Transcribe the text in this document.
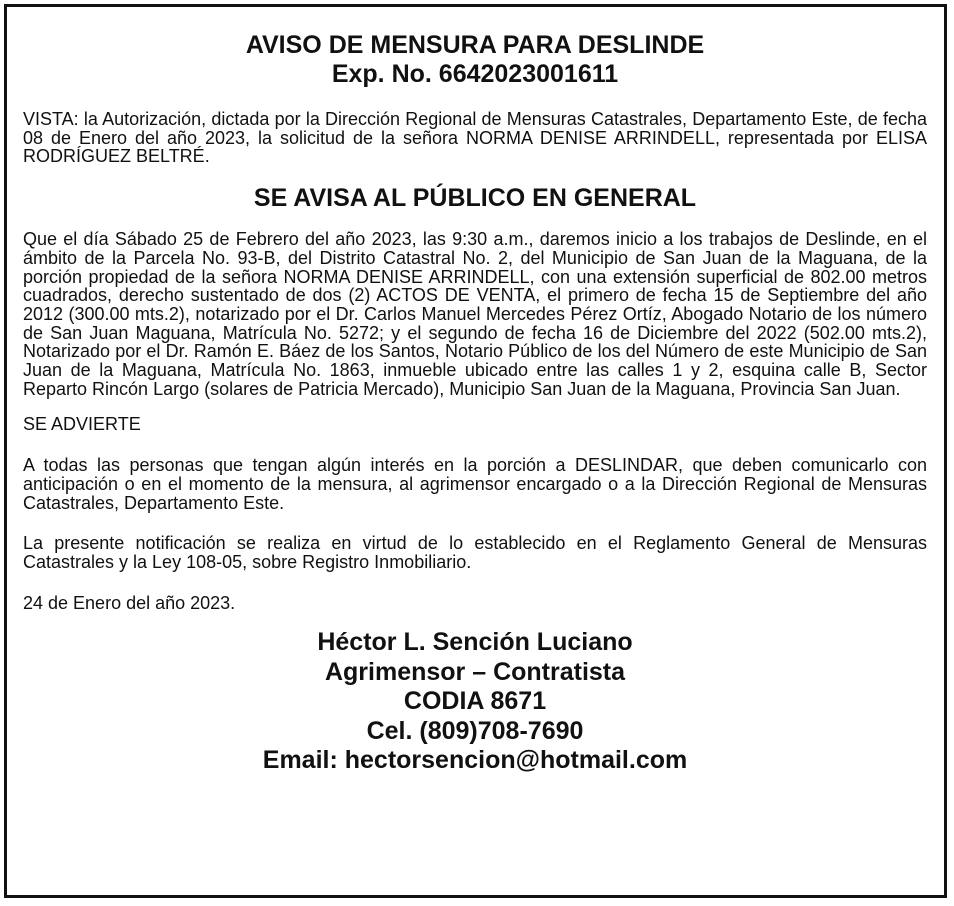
AVISO DE MENSURA PARA DESLINDE

Exp. No. 6642023001611

VISTA: la Autorización, dictada por la Dirección Regional de Mensuras Catastrales, Departamento Este, de fecha 08 de Enero del año 2023, la solicitud de la señora NORMA DENISE ARRINDELL, representada por ELISA RODRÍGUEZ BELTRÉ.

SE AVISA AL PÚBLICO EN GENERAL

Que el día Sábado 25 de Febrero del año 2023, las 9:30 a.m., daremos inicio a los trabajos de Deslinde, en el ámbito de la Parcela No. 93-B, del Distrito Catastral No. 2, del Municipio de San Juan de la Maguana, de la porción propiedad de la señora NORMA DENISE ARRINDELL, con una extensión superficial de 802.00 metros cuadrados, derecho sustentado de dos (2) ACTOS DE VENTA, el primero de fecha 15 de Septiembre del año 2012 (300.00 mts.2), notarizado por el Dr. Carlos Manuel Mercedes Pérez Ortíz, Abogado Notario de los número de San Juan Maguana, Matrícula No. 5272; y el segundo de fecha 16 de Diciembre del 2022 (502.00 mts.2), Notarizado por el Dr. Ramón E. Báez de los Santos, Notario Público de los del Número de este Municipio de San Juan de la Maguana, Matrícula No. 1863, inmueble ubicado entre las calles 1 y 2, esquina calle B, Sector Reparto Rincón Largo (solares de Patricia Mercado), Municipio San Juan de la Maguana, Provincia San Juan.

SE ADVIERTE

A todas las personas que tengan algún interés en la porción a DESLINDAR, que deben comunicarlo con anticipación o en el momento de la mensura, al agrimensor encargado o a la Dirección Regional de Mensuras Catastrales, Departamento Este.

La presente notificación se realiza en virtud de lo establecido en el Reglamento General de Mensuras Catastrales y la Ley 108-05, sobre Registro Inmobiliario.

24 de Enero del año 2023.

Héctor L. Sención Luciano

Agrimensor – Contratista

CODIA 8671

Cel. (809)708-7690

Email: hectorsencion@hotmail.com
